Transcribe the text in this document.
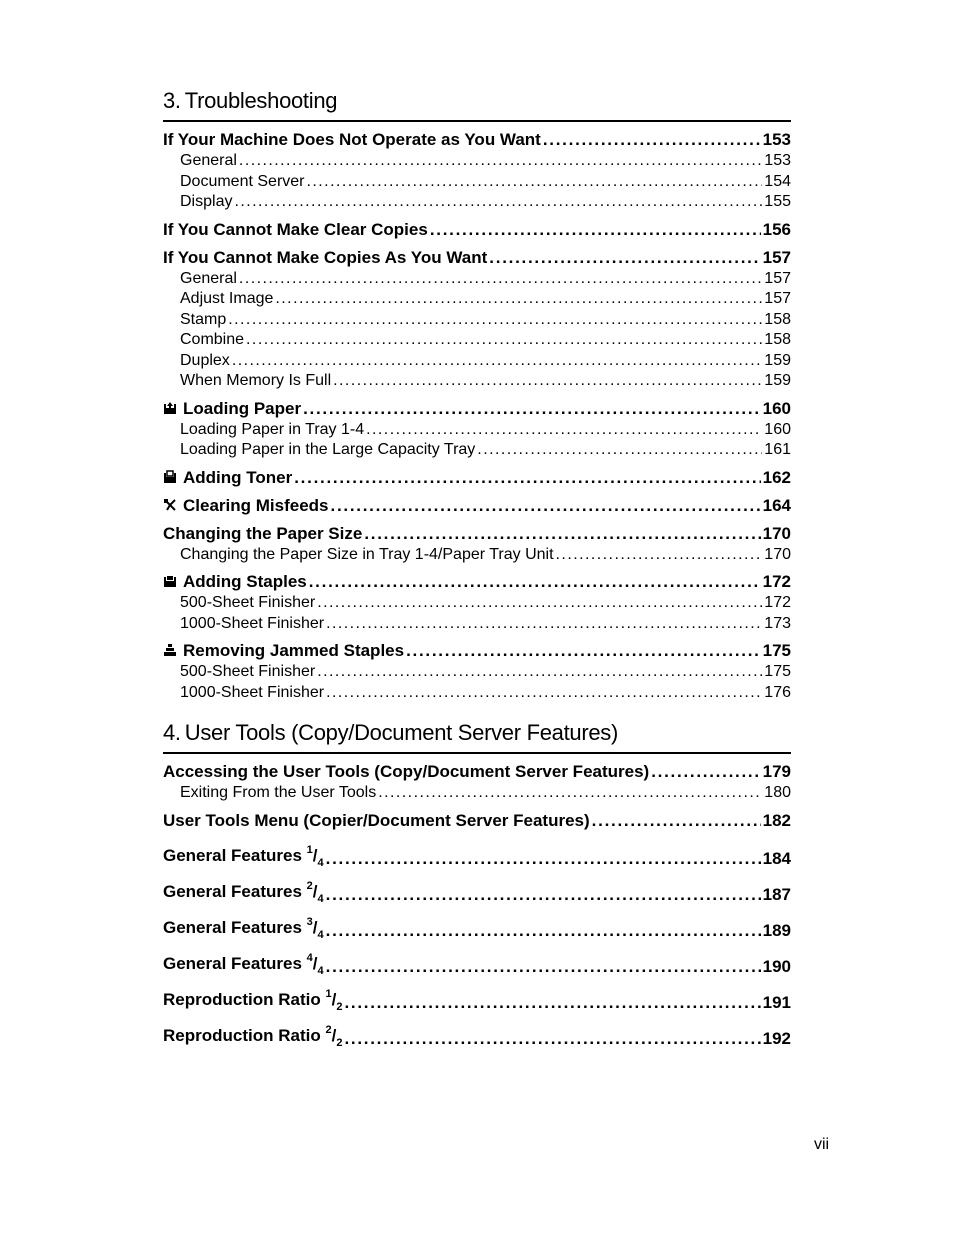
3. Troubleshooting
If Your Machine Does Not Operate as You Want . . .	153
General . . .	153
Document Server . . .	154
Display . . .	155
If You Cannot Make Clear Copies . . .	156
If You Cannot Make Copies As You Want . . .	157
General . . .	157
Adjust Image . . .	157
Stamp . . .	158
Combine . . .	158
Duplex . . .	159
When Memory Is Full . . .	159
Loading Paper . . .	160
Loading Paper in Tray 1-4 . . .	160
Loading Paper in the Large Capacity Tray . . .	161
Adding Toner . . .	162
Clearing Misfeeds . . .	164
Changing the Paper Size . . .	170
Changing the Paper Size in Tray 1-4/Paper Tray Unit . . .	170
Adding Staples . . .	172
500-Sheet Finisher . . .	172
1000-Sheet Finisher . . .	173
Removing Jammed Staples . . .	175
500-Sheet Finisher . . .	175
1000-Sheet Finisher . . .	176
4. User Tools (Copy/Document Server Features)
Accessing the User Tools (Copy/Document Server Features) . . .	179
Exiting From the User Tools . . .	180
User Tools Menu (Copier/Document Server Features) . . .	182
General Features $^1/_4$ . . .	184
General Features $^2/_4$ . . .	187
General Features $^3/_4$ . . .	189
General Features $^4/_4$ . . .	190
Reproduction Ratio $^1/_2$ . . .	191
Reproduction Ratio $^2/_2$ . . .	192
vii
